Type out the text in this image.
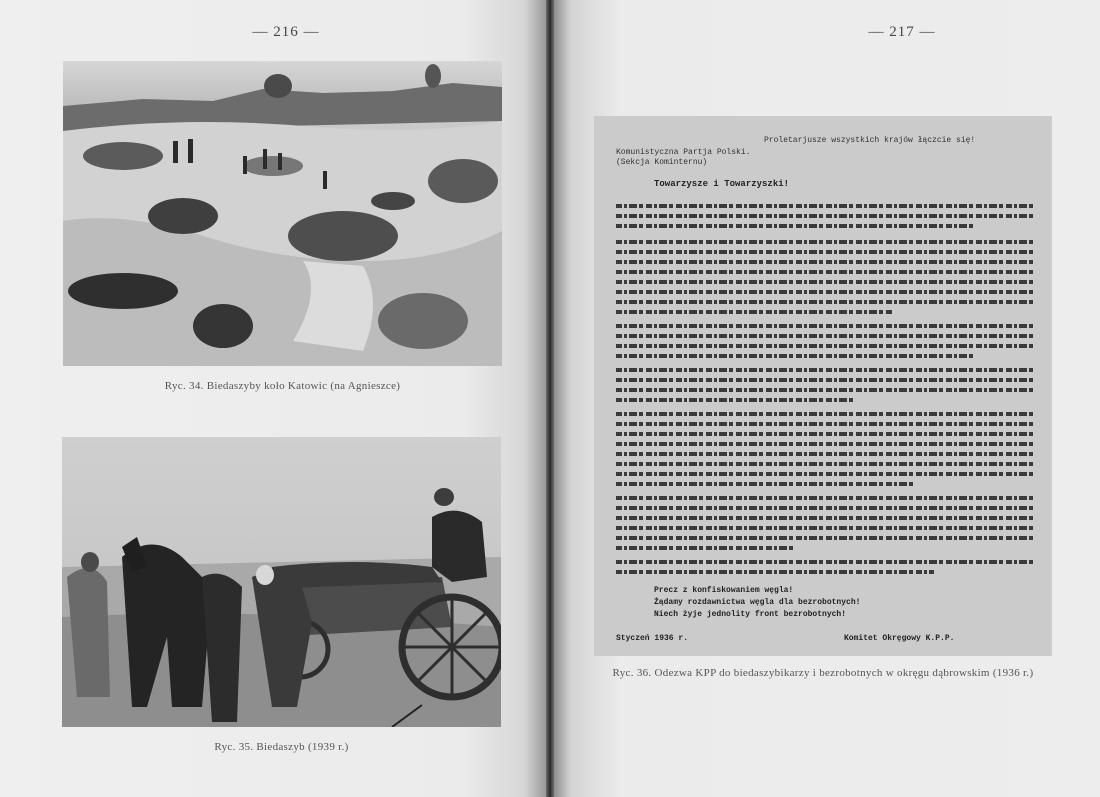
— 216 —
Ryc. 34. Biedaszyby koło Katowic (na Agnieszce)
Ryc. 35. Biedaszyb (1939 r.)
— 217 —
Proletarjusze wszystkich krajów łączcie się!
Komunistyczna Partja Polski.
(Sekcja Kominternu)
Towarzysze i Towarzyszki!
Precz z konfiskowaniem węgla!
Żądamy rozdawnictwa węgla dla bezrobotnych!
Niech żyje jednolity front bezrobotnych!
Styczeń 1936 r.	Komitet Okręgowy K.P.P.
Ryc. 36. Odezwa KPP do biedaszybikarzy i bezrobotnych w okręgu dąbrowskim (1936 r.)
